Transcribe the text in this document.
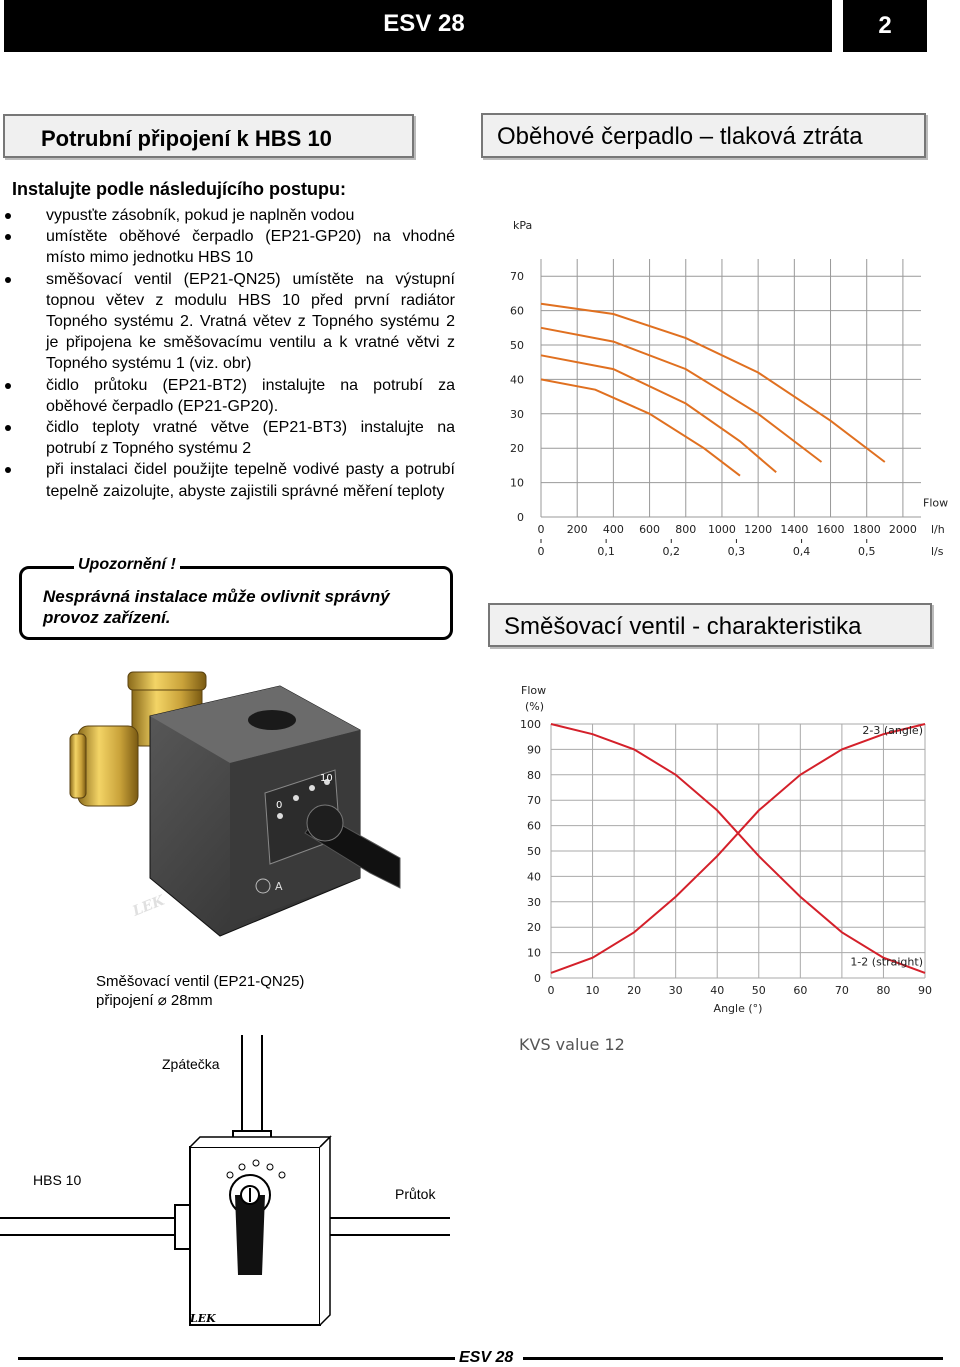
ESV 28	2
Potrubní připojení k HBS 10
Instalujte podle následujícího postupu:
vypusťte zásobník, pokud je naplněn vodou
umístěte oběhové čerpadlo (EP21-GP20) na vhodné místo mimo jednotku HBS 10
směšovací ventil (EP21-QN25) umístěte na výstupní topnou větev z modulu HBS 10 před první radiátor Topného systému 2. Vratná větev z Topného systému 2 je připojena ke směšovacímu ventilu a k vratné větvi z Topného systému 1 (viz. obr)
čidlo průtoku (EP21-BT2) instalujte na potrubí za oběhové čerpadlo (EP21-GP20).
čidlo teploty vratné větve (EP21-BT3) instalujte na potrubí z Topného systému 2
při instalaci čidel použijte tepelně vodivé pasty a potrubí tepelně zaizolujte, abyste zajistili správné měření teploty
Upozornění !
Nesprávná instalace může ovlivnit správný provoz zařízení.
0
10
A
LEK
Směšovací ventil (EP21-QN25)
připojení ⌀ 28mm
Zpátečka
HBS 10
Průtok
LEK
Oběhové čerpadlo – tlaková ztráta
0 200 400 600 800 1000 1200 1400 1600 1800 2000
0
10
20
30
40
50
60
70
kPa
Flow
l/h
l/s
0	0,1	0,2	0,3	0,4	0,5
Směšovací ventil - charakteristika
0	10	20	30	40	50	60	70	80	90
0
10
20
30
40
50
60
70
80
90
100
Flow
(%)
Angle (°)
2-3 (angle)
1-2 (straight)
KVS value 12
ESV 28
